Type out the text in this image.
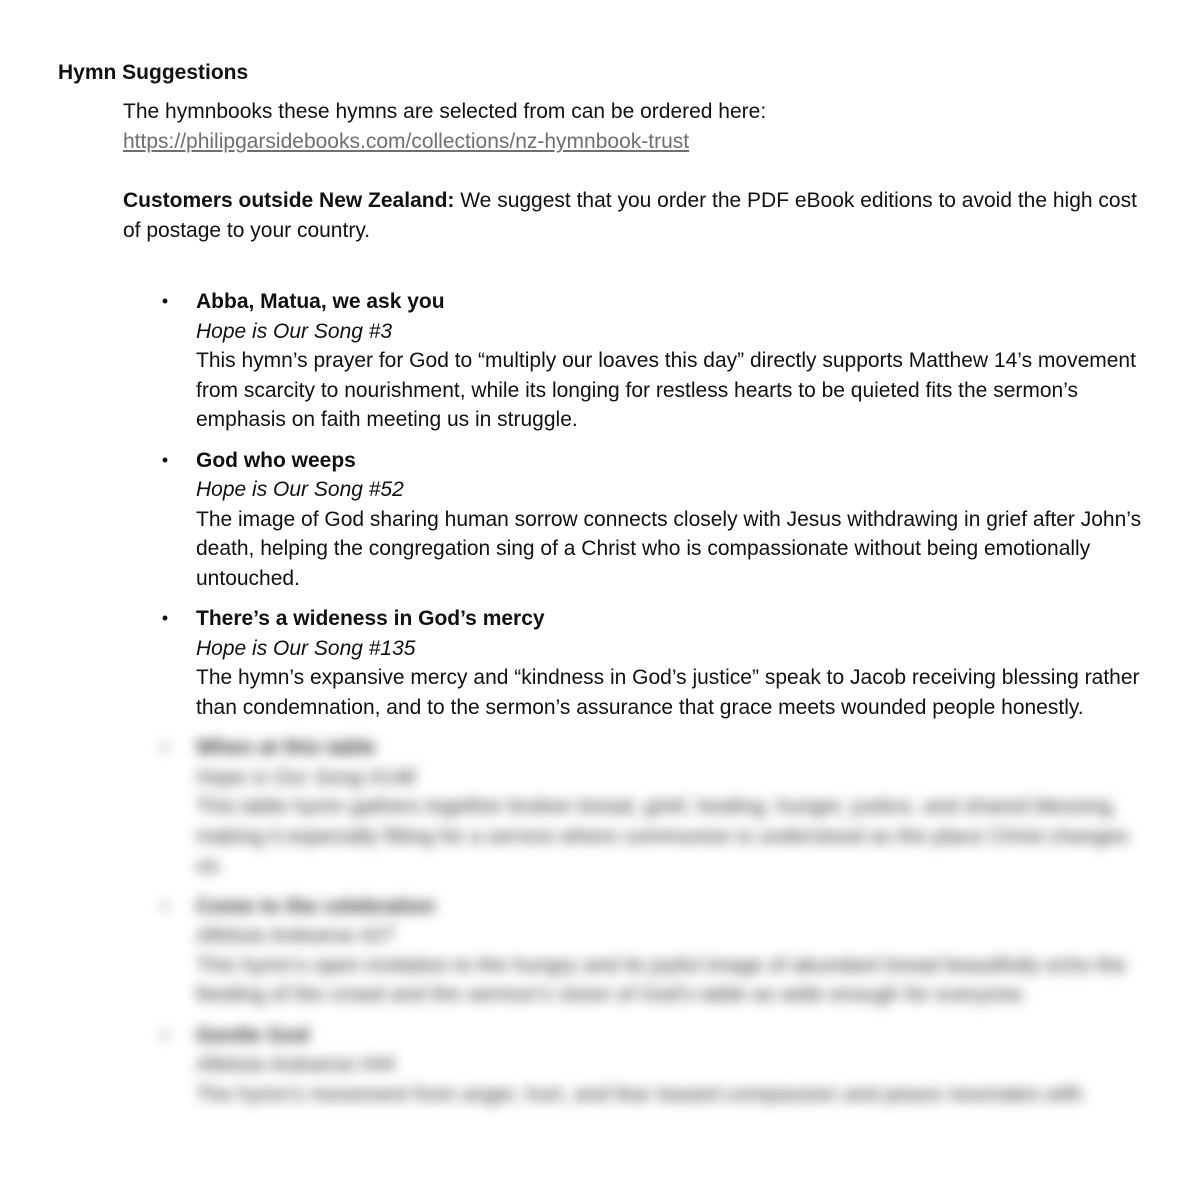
Hymn Suggestions
The hymnbooks these hymns are selected from can be ordered here:
https://philipgarsidebooks.com/collections/nz-hymnbook-trust
Customers outside New Zealand: We suggest that you order the PDF eBook editions to avoid the high cost of postage to your country.
• Abba, Matua, we ask you
Hope is Our Song #3
This hymn’s prayer for God to “multiply our loaves this day” directly supports Matthew 14’s movement from scarcity to nourishment, while its longing for restless hearts to be quieted fits the sermon’s emphasis on faith meeting us in struggle.
• God who weeps
Hope is Our Song #52
The image of God sharing human sorrow connects closely with Jesus withdrawing in grief after John’s death, helping the congregation sing of a Christ who is compassionate without being emotionally untouched.
• There’s a wideness in God’s mercy
Hope is Our Song #135
The hymn’s expansive mercy and “kindness in God’s justice” speak to Jacob receiving blessing rather than condemnation, and to the sermon’s assurance that grace meets wounded people honestly.
• When at this table
Hope is Our Song #148
This table hymn gathers together broken bread, grief, healing, hunger, justice, and shared blessing, making it especially fitting for a service where communion is understood as the place Christ changes us.
• Come to the celebration
Alleluia Aotearoa #27
This hymn’s open invitation to the hungry and its joyful image of abundant bread beautifully echo the feeding of the crowd and the sermon’s vision of God’s table as wide enough for everyone.
• Gentle God
Alleluia Aotearoa #44
The hymn’s movement from anger, hurt, and fear toward compassion and peace resonates with
